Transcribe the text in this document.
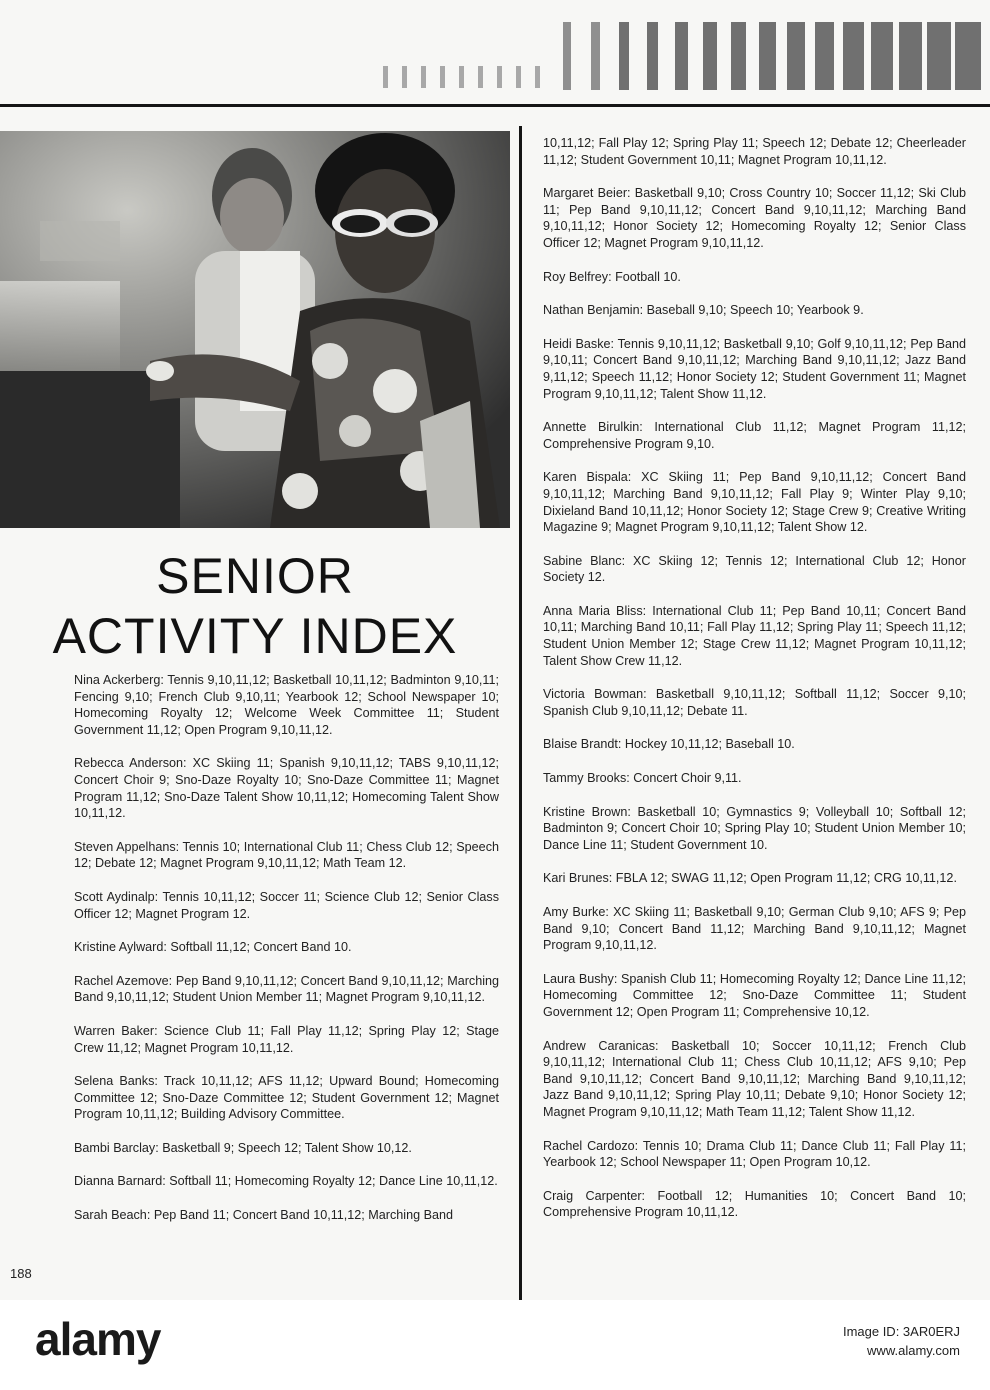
SENIOR
ACTIVITY INDEX
Nina Ackerberg: Tennis 9,10,11,12; Basketball 10,11,12; Badminton 9,10,11; Fencing 9,10; French Club 9,10,11; Yearbook 12; School Newspaper 10; Homecoming Royalty 12; Welcome Week Committee 11; Student Government 11,12; Open Program 9,10,11,12.
Rebecca Anderson: XC Skiing 11; Spanish 9,10,11,12; TABS 9,10,11,12; Concert Choir 9; Sno-Daze Royalty 10; Sno-Daze Committee 11; Magnet Program 11,12; Sno-Daze Talent Show 10,11,12; Homecoming Talent Show 10,11,12.
Steven Appelhans: Tennis 10; International Club 11; Chess Club 12; Speech 12; Debate 12; Magnet Program 9,10,11,12; Math Team 12.
Scott Aydinalp: Tennis 10,11,12; Soccer 11; Science Club 12; Senior Class Officer 12; Magnet Program 12.
Kristine Aylward: Softball 11,12; Concert Band 10.
Rachel Azemove: Pep Band 9,10,11,12; Concert Band 9,10,11,12; Marching Band 9,10,11,12; Student Union Member 11; Magnet Program 9,10,11,12.
Warren Baker: Science Club 11; Fall Play 11,12; Spring Play 12; Stage Crew 11,12; Magnet Program 10,11,12.
Selena Banks: Track 10,11,12; AFS 11,12; Upward Bound; Homecoming Committee 12; Sno-Daze Committee 12; Student Government 12; Magnet Program 10,11,12; Building Advisory Committee.
Bambi Barclay: Basketball 9; Speech 12; Talent Show 10,12.
Dianna Barnard: Softball 11; Homecoming Royalty 12; Dance Line 10,11,12.
Sarah Beach: Pep Band 11; Concert Band 10,11,12; Marching Band
10,11,12; Fall Play 12; Spring Play 11; Speech 12; Debate 12; Cheerleader 11,12; Student Government 10,11; Magnet Program 10,11,12.
Margaret Beier: Basketball 9,10; Cross Country 10; Soccer 11,12; Ski Club 11; Pep Band 9,10,11,12; Concert Band 9,10,11,12; Marching Band 9,10,11,12; Honor Society 12; Homecoming Royalty 12; Senior Class Officer 12; Magnet Program 9,10,11,12.
Roy Belfrey: Football 10.
Nathan Benjamin: Baseball 9,10; Speech 10; Yearbook 9.
Heidi Baske: Tennis 9,10,11,12; Basketball 9,10; Golf 9,10,11,12; Pep Band 9,10,11; Concert Band 9,10,11,12; Marching Band 9,10,11,12; Jazz Band 9,11,12; Speech 11,12; Honor Society 12; Student Government 11; Magnet Program 9,10,11,12; Talent Show 11,12.
Annette Birulkin: International Club 11,12; Magnet Program 11,12; Comprehensive Program 9,10.
Karen Bispala: XC Skiing 11; Pep Band 9,10,11,12; Concert Band 9,10,11,12; Marching Band 9,10,11,12; Fall Play 9; Winter Play 9,10; Dixieland Band 10,11,12; Honor Society 12; Stage Crew 9; Creative Writing Magazine 9; Magnet Program 9,10,11,12; Talent Show 12.
Sabine Blanc: XC Skiing 12; Tennis 12; International Club 12; Honor Society 12.
Anna Maria Bliss: International Club 11; Pep Band 10,11; Concert Band 10,11; Marching Band 10,11; Fall Play 11,12; Spring Play 11; Speech 11,12; Student Union Member 12; Stage Crew 11,12; Magnet Program 10,11,12; Talent Show Crew 11,12.
Victoria Bowman: Basketball 9,10,11,12; Softball 11,12; Soccer 9,10; Spanish Club 9,10,11,12; Debate 11.
Blaise Brandt: Hockey 10,11,12; Baseball 10.
Tammy Brooks: Concert Choir 9,11.
Kristine Brown: Basketball 10; Gymnastics 9; Volleyball 10; Softball 12; Badminton 9; Concert Choir 10; Spring Play 10; Student Union Member 10; Dance Line 11; Student Government 10.
Kari Brunes: FBLA 12; SWAG 11,12; Open Program 11,12; CRG 10,11,12.
Amy Burke: XC Skiing 11; Basketball 9,10; German Club 9,10; AFS 9; Pep Band 9,10; Concert Band 11,12; Marching Band 9,10,11,12; Magnet Program 9,10,11,12.
Laura Bushy: Spanish Club 11; Homecoming Royalty 12; Dance Line 11,12; Homecoming Committee 12; Sno-Daze Committee 11; Student Government 12; Open Program 11; Comprehensive 10,12.
Andrew Caranicas: Basketball 10; Soccer 10,11,12; French Club 9,10,11,12; International Club 11; Chess Club 10,11,12; AFS 9,10; Pep Band 9,10,11,12; Concert Band 9,10,11,12; Marching Band 9,10,11,12; Jazz Band 9,10,11,12; Spring Play 10,11; Debate 9,10; Honor Society 12; Magnet Program 9,10,11,12; Math Team 11,12; Talent Show 11,12.
Rachel Cardozo: Tennis 10; Drama Club 11; Dance Club 11; Fall Play 11; Yearbook 12; School Newspaper 11; Open Program 10,12.
Craig Carpenter: Football 12; Humanities 10; Concert Band 10; Comprehensive Program 10,11,12.
188
alamy	Image ID: 3AR0ERJ
www.alamy.com
